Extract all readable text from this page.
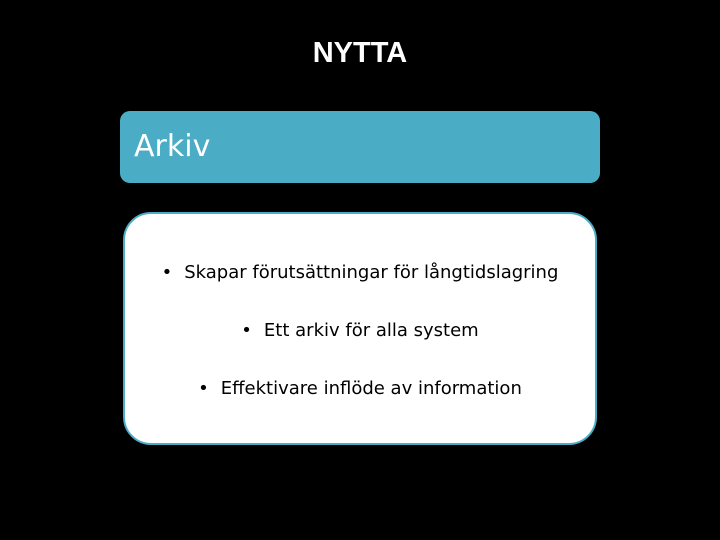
NYTTA
Arkiv
• Skapar förutsättningar för långtidslagring
• Ett arkiv för alla system
• Effektivare inflöde av information
